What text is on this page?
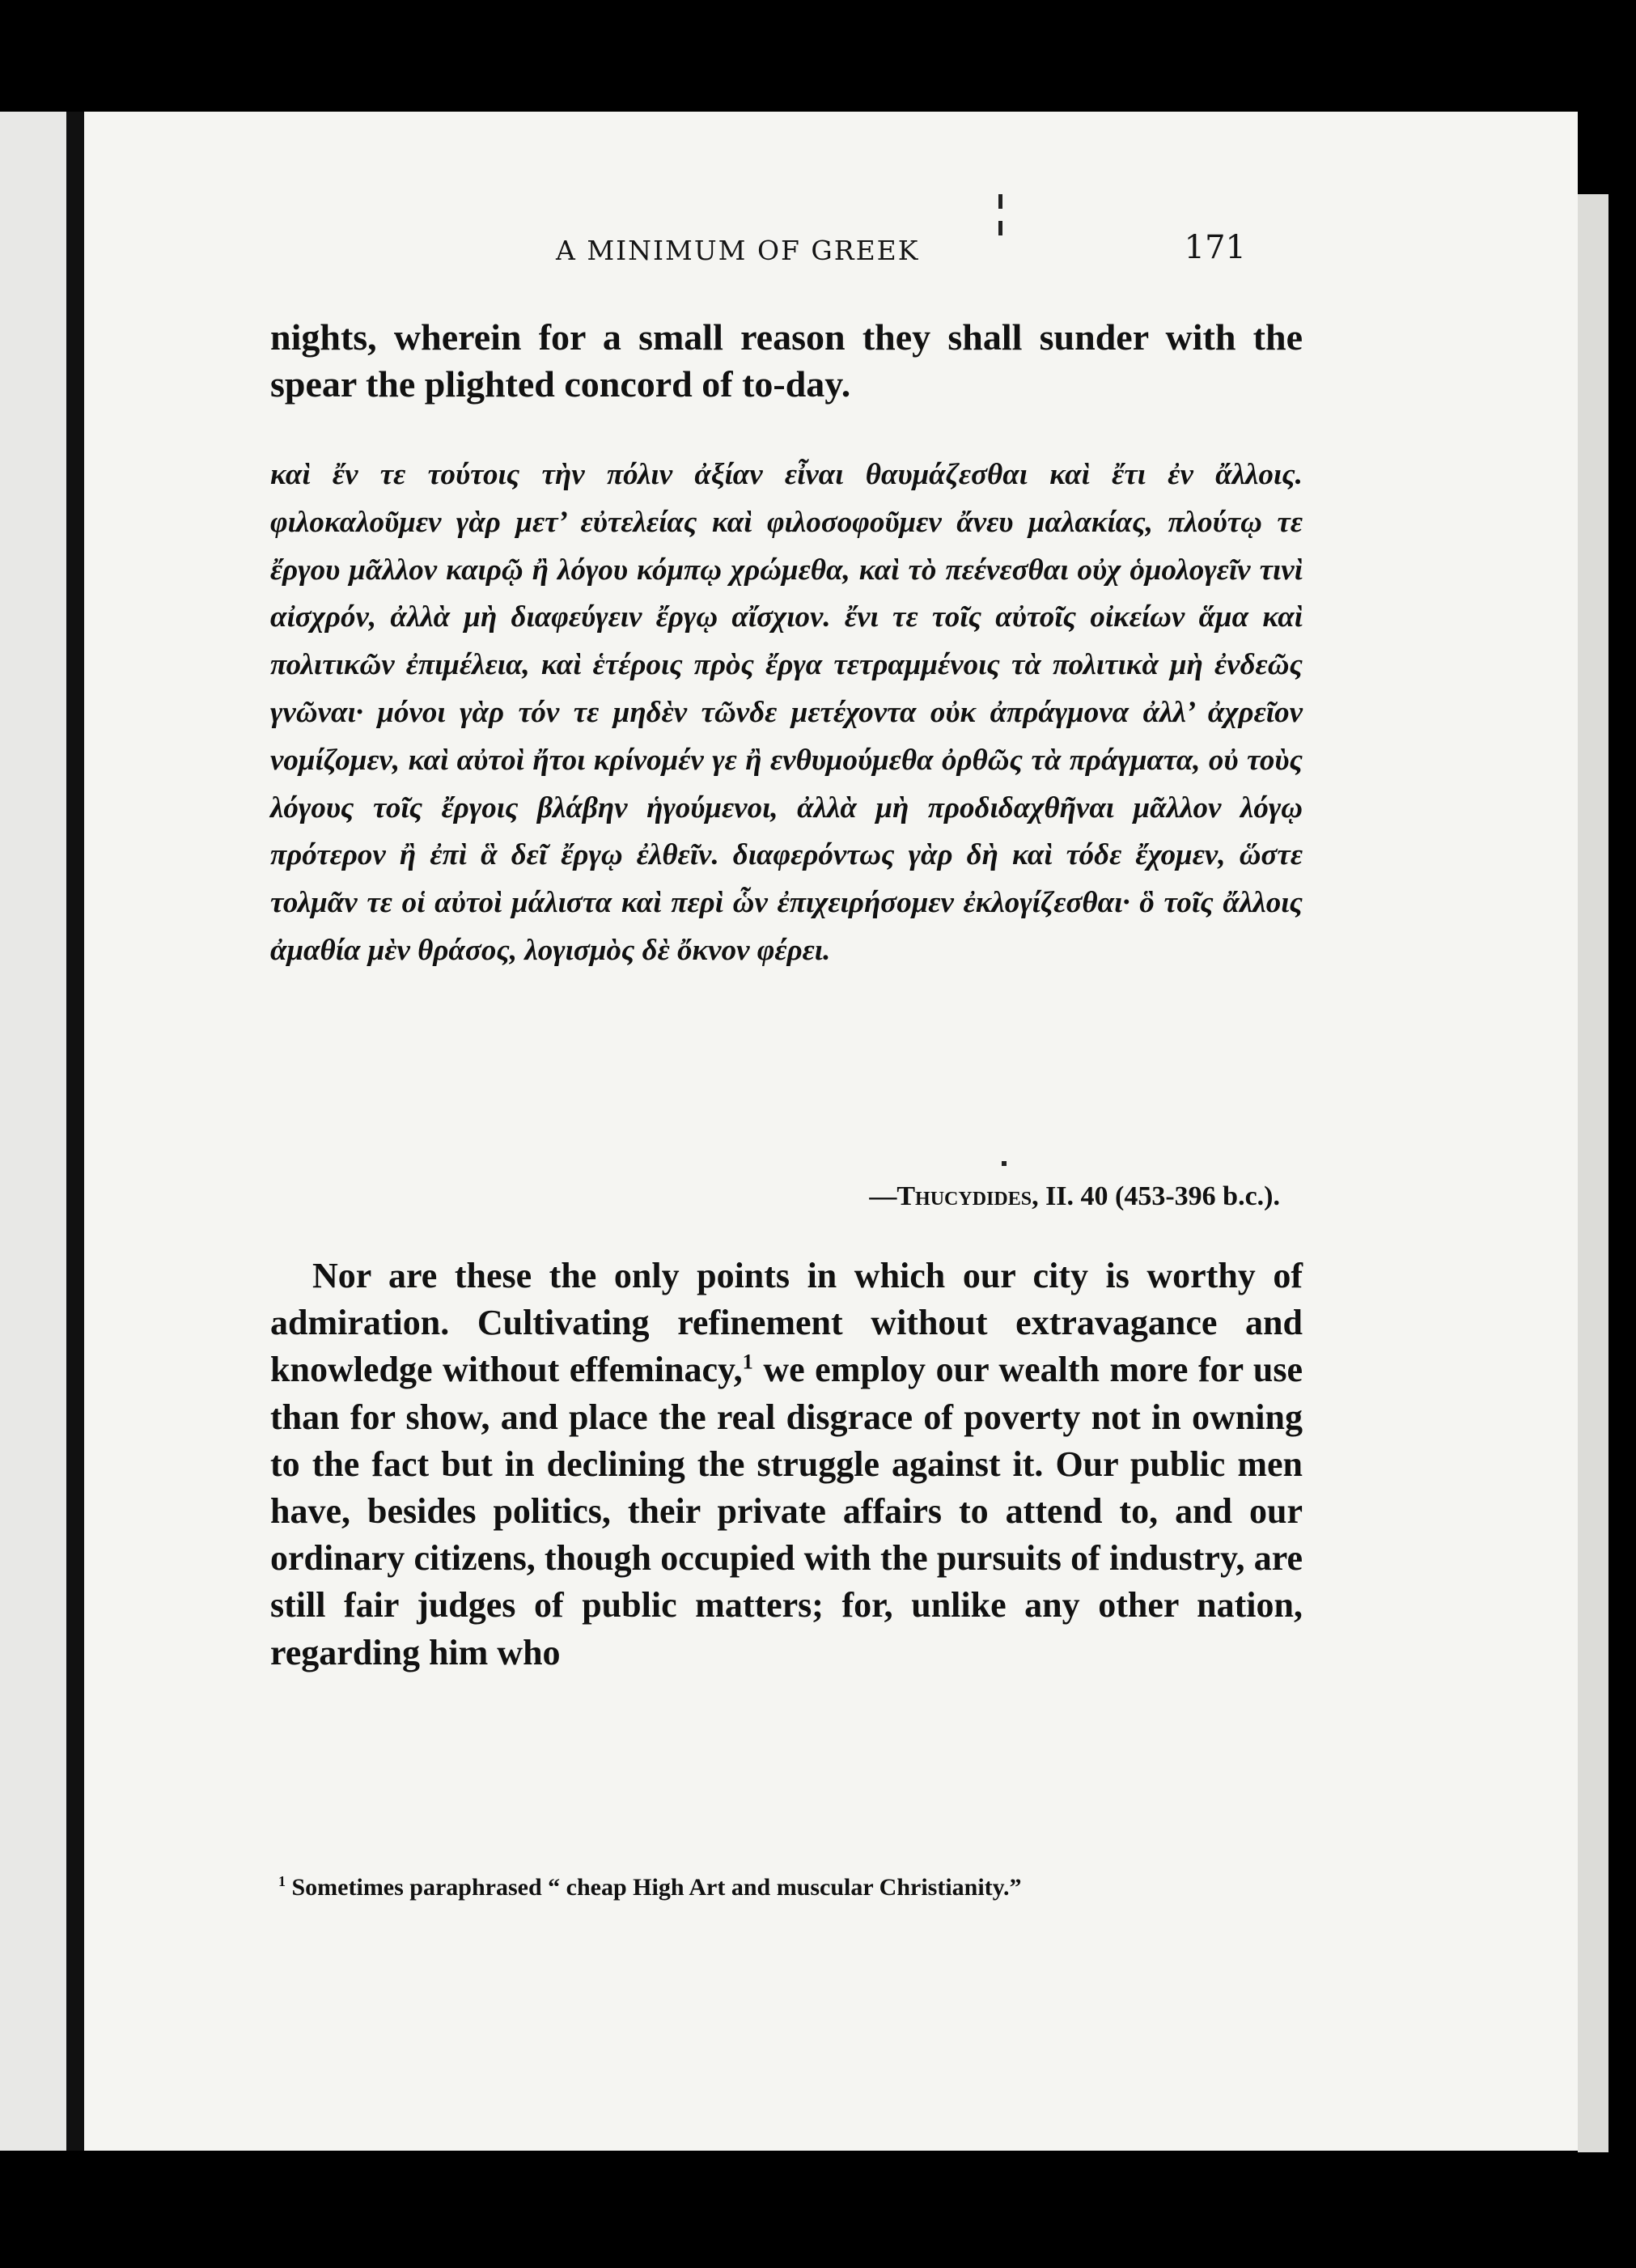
A MINIMUM OF GREEK	171
nights, wherein for a small reason they shall sunder with the spear the plighted concord of to-day.
καὶ ἔν τε τούτοις τὴν πόλιν ἀξίαν εἶναι θαυμάζεσθαι καὶ ἔτι ἐν ἄλλοις. φιλοκαλοῦμεν γὰρ μετ’ εὐτελείας καὶ φιλοσοφοῦμεν ἄνευ μαλακίας, πλούτῳ τε ἔργου μᾶλλον καιρῷ ἢ λόγου κόμπῳ χρώμεθα, καὶ τὸ πεένεσθαι οὐχ ὁμολογεῖν τινὶ αἰσχρόν, ἀλλὰ μὴ διαφεύγειν ἔργῳ αἴσχιον. ἔνι τε τοῖς αὐτοῖς οἰκείων ἅμα καὶ πολιτικῶν ἐπιμέλεια, καὶ ἑτέροις πρὸς ἔργα τετραμμένοις τὰ πολιτικὰ μὴ ἐνδεῶς γνῶναι· μόνοι γὰρ τόν τε μηδὲν τῶνδε μετέχοντα οὐκ ἀπράγμονα ἀλλ’ ἀχρεῖον νομίζομεν, καὶ αὐτοὶ ἤτοι κρίνομέν γε ἢ ενθυμούμεθα ὀρθῶς τὰ πράγματα, οὐ τοὺς λόγους τοῖς ἔργοις βλάβην ἡγούμενοι, ἀλλὰ μὴ προδιδαχθῆναι μᾶλλον λόγῳ πρότερον ἢ ἐπὶ ἃ δεῖ ἔργῳ ἐλθεῖν. διαφερόντως γὰρ δὴ καὶ τόδε ἔχομεν, ὥστε τολμᾶν τε οἱ αὐτοὶ μάλιστα καὶ περὶ ὧν ἐπιχειρήσομεν ἐκλογίζεσθαι· ὃ τοῖς ἄλλοις ἀμαθία μὲν θράσος, λογισμὸς δὲ ὄκνον φέρει.
—Thucydides, II. 40 (453-396 b.c.).
Nor are these the only points in which our city is worthy of admiration. Cultivating refinement without extravagance and knowledge without effeminacy,$^1$ we employ our wealth more for use than for show, and place the real disgrace of poverty not in owning to the fact but in declining the struggle against it. Our public men have, besides politics, their private affairs to attend to, and our ordinary citizens, though occupied with the pursuits of industry, are still fair judges of public matters; for, unlike any other nation, regarding him who
$^1$ Sometimes paraphrased “ cheap High Art and muscular Christianity.”
